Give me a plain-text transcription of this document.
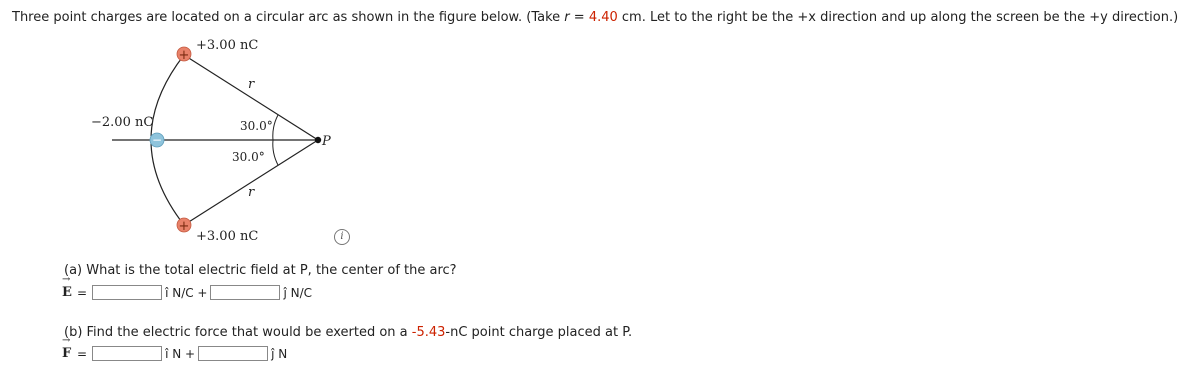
Three point charges are located on a circular arc as shown in the figure below. (Take r = 4.40 cm. Let to the right be the +x direction and up along the screen be the +y direction.)
P
+
−
+
+3.00 nC
−2.00 nC
+3.00 nC
r
r
30.0°
30.0°
i
(a) What is the total electric field at P, the center of the arc?
→ E =	î N/C +	ĵ N/C
(b) Find the electric force that would be exerted on a -5.43-nC point charge placed at P.
→ F =	î N +	ĵ N
